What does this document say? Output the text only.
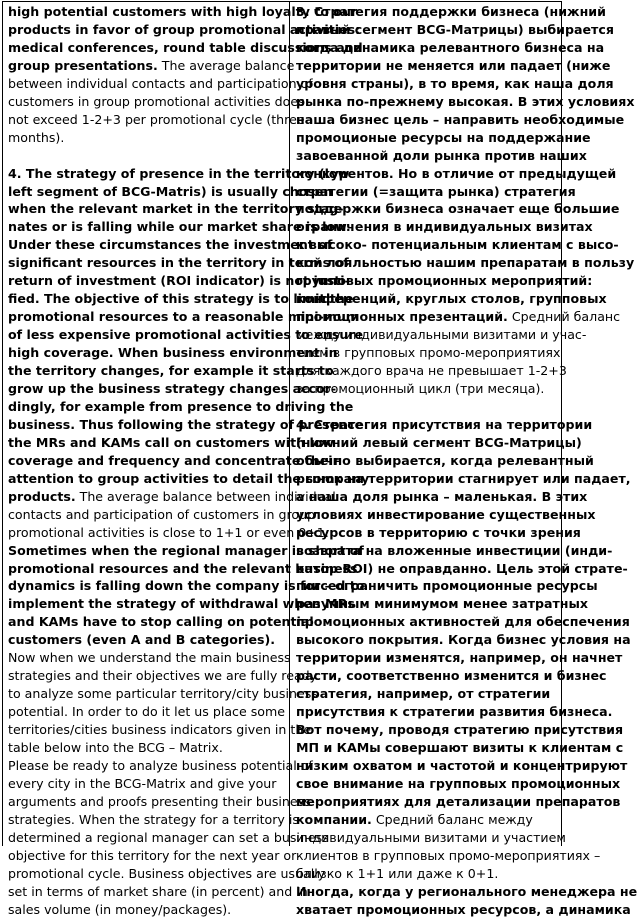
high potential customers with high loyalty to our
products in favor of group promotional activities:
medical conferences, round table discussions and
group presentations. The average balance
between individual contacts and participation of
customers in group promotional activities does
not exceed 1-2+3 per promotional cycle (three
months).
4. The strategy of presence in the territory (low
left segment of BCG-Matris) is usually chosen
when the relevant market in the territory stag-
nates or is falling while our market share is low.
Under these circumstances the investment of
significant resources in the territory in terms of
return of investment (ROI indicator) is not justi-
fied. The objective of this strategy is to limit the
promotional resources to a reasonable mini-mum
of less expensive promotional activities to ensure
high coverage. When business environment in
the territory changes, for example it starts to
grow up the business strategy changes accor-
dingly, for example from presence to driving the
business. Thus following the strategy of presence
the MRs and KAMs call on customers with low
coverage and frequency and concentrate their
attention to group activities to detail the company
products. The average balance between individual
contacts and participation of customers in group
promotional activities is close to 1+1 or even 0+1.
Sometimes when the regional manager is short of
promotional resources and the relevant business
dynamics is falling down the company is forced to
implement the strategy of withdrawal when MRs
and KAMs have to stop calling on potential
customers (even A and B categories).
Now when we understand the main business
strategies and their objectives we are fully ready
to analyze some particular territory/city business
potential. In order to do it let us place some
territories/cities business indicators given in the
table below into the BCG – Matrix.
Please be ready to analyze business potential of
every city in the BCG-Matrix and give your
arguments and proofs presenting their business
strategies. When the strategy for a territory is
determined a regional manager can set a business
objective for this territory for the next year or
promotional cycle. Business objectives are usually
set in terms of market share (in percent) and in
sales volume (in money/packages).
3. Стратегия поддержки бизнеса (нижний
правый сегмент BCG-Матрицы) выбирается
когда динамика релевантного бизнеса на
территории не меняется или падает (ниже
уровня страны), в то время, как наша доля
рынка по-прежнему высокая. В этих условиях
наша бизнес цель – направить необходимые
промоционые ресурсы на поддержание
завоеванной доли рынка против наших
конкурентов. Но в отличие от предыдущей
стратегии (=защита рынка) стратегия
поддержки бизнеса означает еще большие
ограничения в индивидуальных визитах
к высоко- потенциальным клиентам с высо-
кой лояльностью нашим препаратам в пользу
групповых промоционных мероприятий:
конференций, круглых столов, групповых
промоционных презентаций. Средний баланс
между индивидуальными визитами и учас-
тием в групповых промо-мероприятиях
для каждого врача не превышает 1-2+3
за промоционный цикл (три месяца).
4. Стратегия присутствия на территории
(нижний левый сегмент BCG-Матрицы)
обычно выбирается, когда релевантный
рынок на территории стагнирует или падает,
а наша доля рынка – маленькая. В этих
условиях инвестирование существенных
ресурсов в территорию с точки зрения
возврата на вложенные инвестиции (инди-
катор ROI) не оправданно. Цель этой страте-
гии – ограничить промоционные ресурсы
разумным минимумом менее затратных
промоционных активностей для обеспечения
высокого покрытия. Когда бизнес условия на
территории изменятся, например, он начнет
расти, соответственно изменится и бизнес
стратегия, например, от стратегии
присутствия к стратегии развития бизнеса.
Вот почему, проводя стратегию присутствия
МП и КАМы совершают визиты к клиентам с
низким охватом и частотой и концентрируют
свое внимание на групповых промоционных
мероприятиях для детализации препаратов
компании. Средний баланс между
индивидуальными визитами и участием
клиентов в групповых промо-мероприятиях –
близко к 1+1 или даже к 0+1.
Иногда, когда у регионального менеджера не
хватает промоционных ресурсов, а динамика
